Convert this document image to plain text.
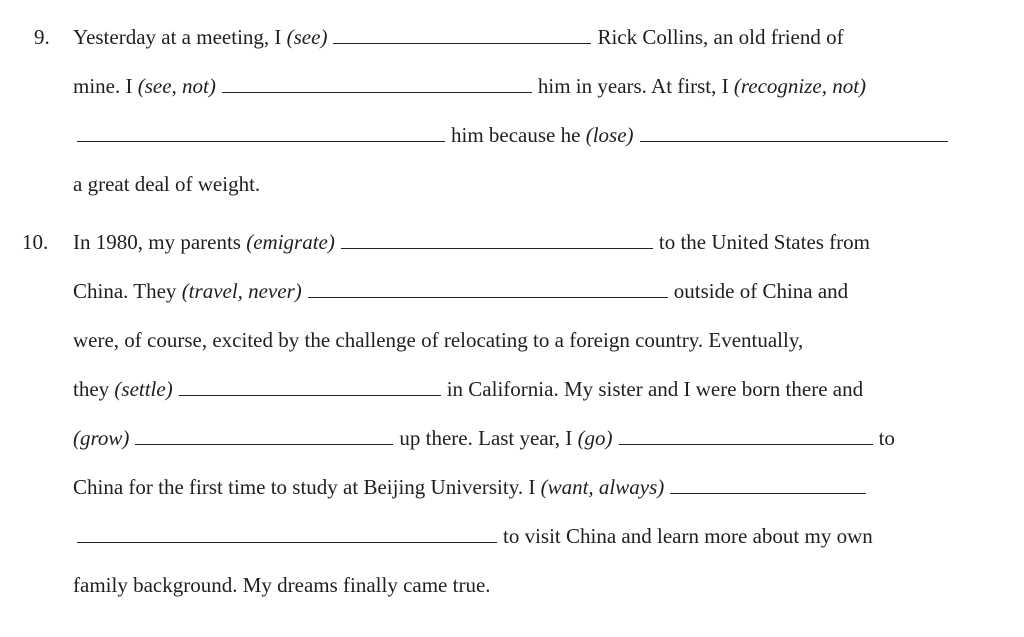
9. Yesterday at a meeting, I (see)	Rick Collins, an old friend of
mine. I (see, not)	him in years. At first, I (recognize, not)
him because he (lose)
a great deal of weight.
10. In 1980, my parents (emigrate)	to the United States from
China. They (travel, never)	outside of China and
were, of course, excited by the challenge of relocating to a foreign country. Eventually,
they (settle)	in California. My sister and I were born there and
(grow)	up there. Last year, I (go)	to
China for the first time to study at Beijing University. I (want, always)
to visit China and learn more about my own
family background. My dreams finally came true.
